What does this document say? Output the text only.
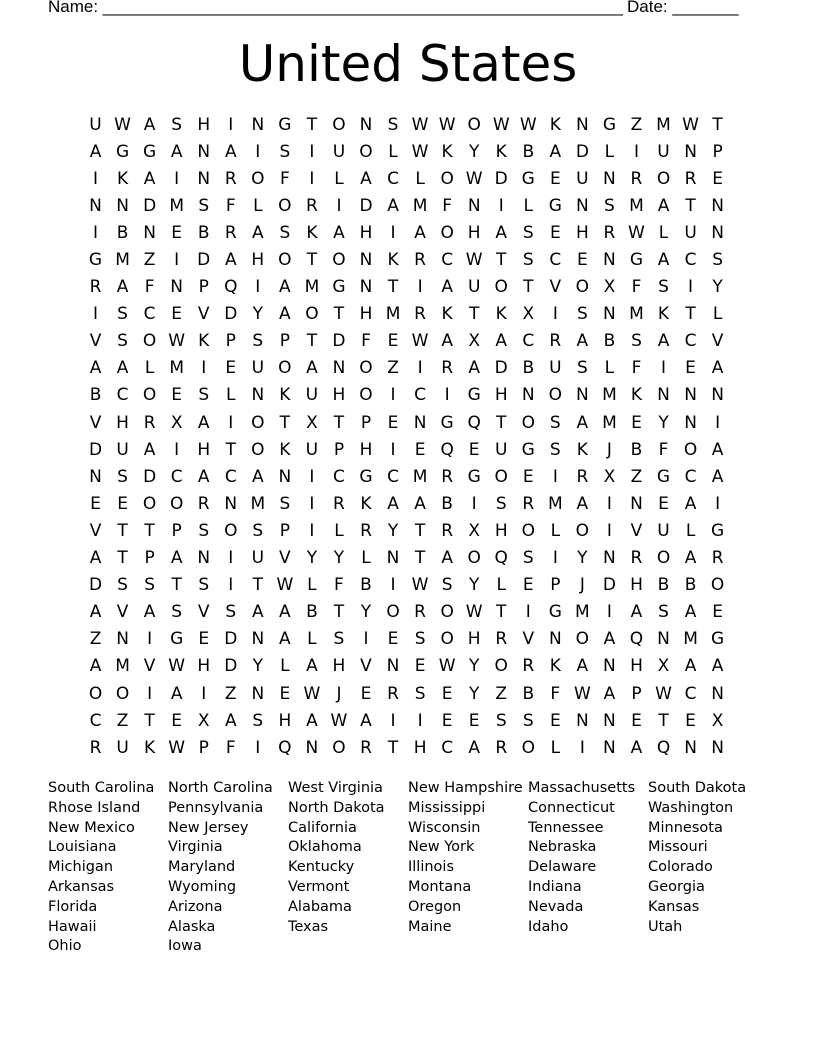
Name: _______________________________________________________ Date: _______
United States
U W A S H	I	N G T O N S W W O W W K N G Z M W T
A G G A N A	I	S	I	U O L W K Y K B A D L	I	U N P
I	K A	I	N R O F	I	L A C L O W D G E U N R O R E
N N D M S F	L O R	I	D A M F N	I	L G N S M A T N
I	B N E B R A S K A H	I	A O H A S E H R W L U N
G M Z	I	D A H O T O N K R C W T S C E N G A C S
R A F N P Q	I	A M G N T	I	A U O T V O X F S	I	Y
I	S C E V D Y A O T H M R K T K X	I	S N M K T	L
V S O W K P S P T D F E W A X A C R A B S A C V
A A L M	I	E U O A N O Z	I	R A D B U S L	F	I	E A
B C O E S L N K U H O	I	C	I	G H N O N M K N N N
V H R X A	I	O T X T P E N G Q T O S A M E Y N	I
D U A	I	H T O K U P H	I	E Q E U G S K	J	B F O A
N S D C A C A N	I	C G C M R G O E	I	R X Z G C A
E E O O R N M S	I	R K A A B	I	S R M A	I	N E A	I
V T T P S O S P	I	L R Y T R X H O L O	I	V U L G
A T P A N	I	U V Y Y	L N T A O Q S	I	Y N R O A R
D S S T S	I	T W L	F B	I W S Y	L E P	J	D H B B O
A V A S V S A A B T Y O R O W T	I	G M	I	A S A E
Z N	I	G E D N A L S	I	E S O H R V N O A Q N M G
A M V W H D Y	L A H V N E W Y O R K A N H X A A
O O	I	A	I	Z N E W J	E R S E Y Z B F W A P W C N
C Z T E X A S H A W A	I	I	E E S S E N N E T E X
R U K W P	F	I	Q N O R T H C A R O L	I	N A Q N N
South Carolina
Rhose Island
New Mexico
Louisiana
Michigan
Arkansas
Florida
Hawaii
Ohio
North Carolina
Pennsylvania
New Jersey
Virginia
Maryland
Wyoming
Arizona
Alaska
Iowa
West Virginia
North Dakota
California
Oklahoma
Kentucky
Vermont
Alabama
Texas
New Hampshire
Mississippi
Wisconsin
New York
Illinois
Montana
Oregon
Maine
Massachusetts
Connecticut
Tennessee
Nebraska
Delaware
Indiana
Nevada
Idaho
South Dakota
Washington
Minnesota
Missouri
Colorado
Georgia
Kansas
Utah
